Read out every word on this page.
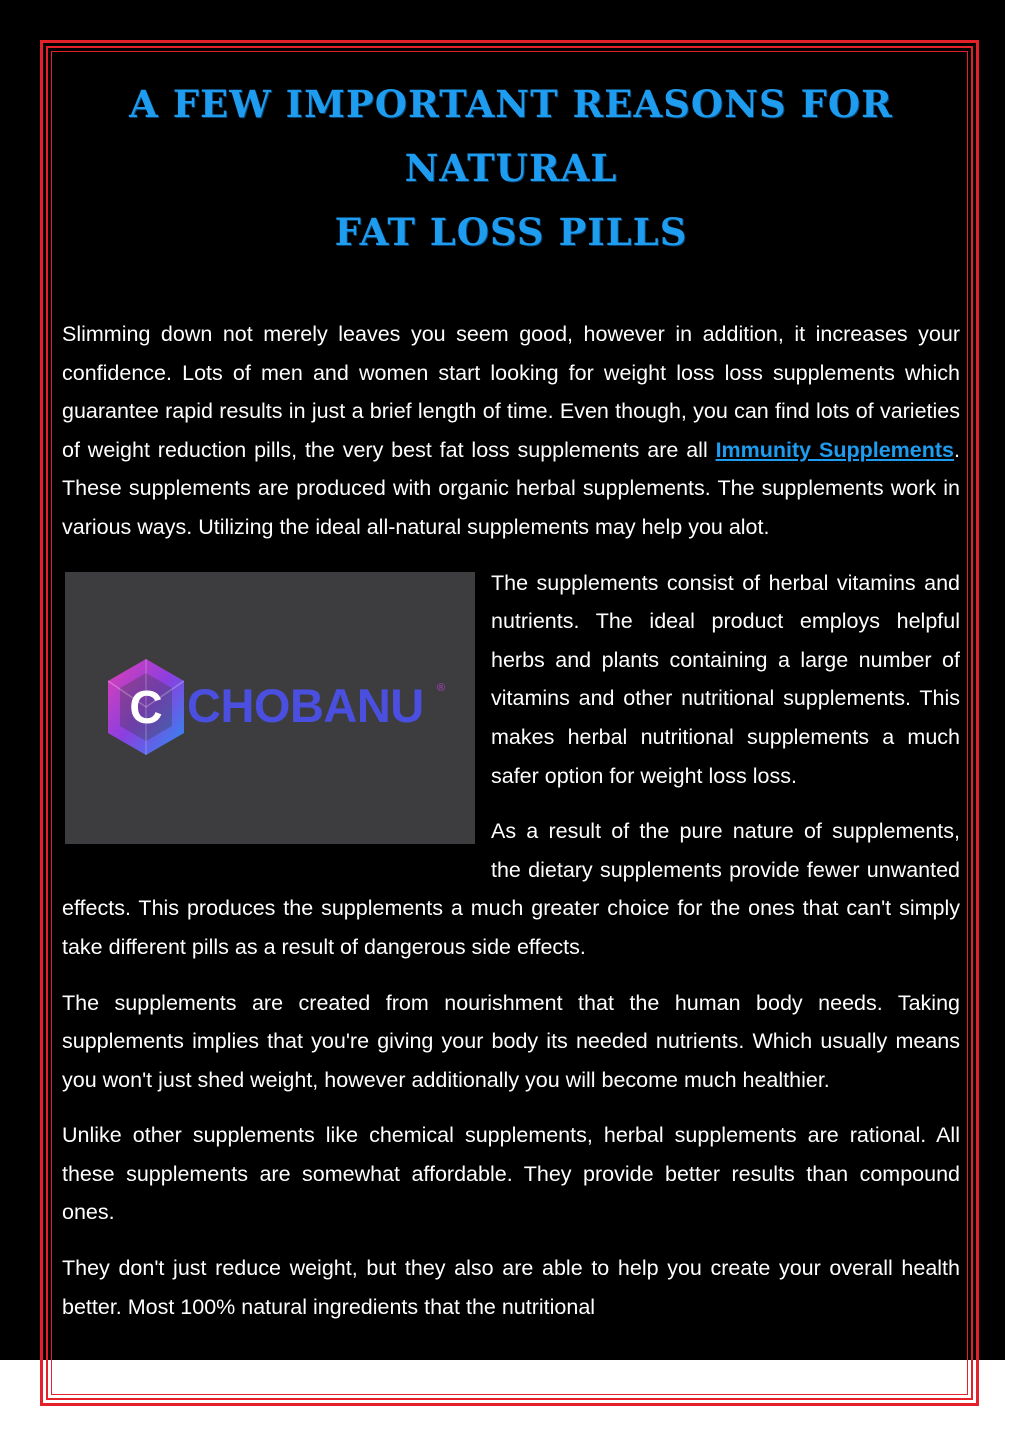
A FEW IMPORTANT REASONS FOR NATURAL
FAT LOSS PILLS

Slimming down not merely leaves you seem good, however in addition, it increases your confidence. Lots of men and women start looking for weight loss loss supplements which guarantee rapid results in just a brief length of time. Even though, you can find lots of varieties of weight reduction pills, the very best fat loss supplements are all Immunity Supplements. These supplements are produced with organic herbal supplements. The supplements work in various ways. Utilizing the ideal all-natural supplements may help you alot.

C CHOBANU ®

The supplements consist of herbal vitamins and nutrients. The ideal product employs helpful herbs and plants containing a large number of vitamins and other nutritional supplements. This makes herbal nutritional supplements a much safer option for weight loss loss.

As a result of the pure nature of supplements, the dietary supplements provide fewer unwanted effects. This produces the supplements a much greater choice for the ones that can't simply take different pills as a result of dangerous side effects.

The supplements are created from nourishment that the human body needs. Taking supplements implies that you're giving your body its needed nutrients. Which usually means you won't just shed weight, however additionally you will become much healthier.

Unlike other supplements like chemical supplements, herbal supplements are rational. All these supplements are somewhat affordable. They provide better results than compound ones.

They don't just reduce weight, but they also are able to help you create your overall health better. Most 100% natural ingredients that the nutritional
